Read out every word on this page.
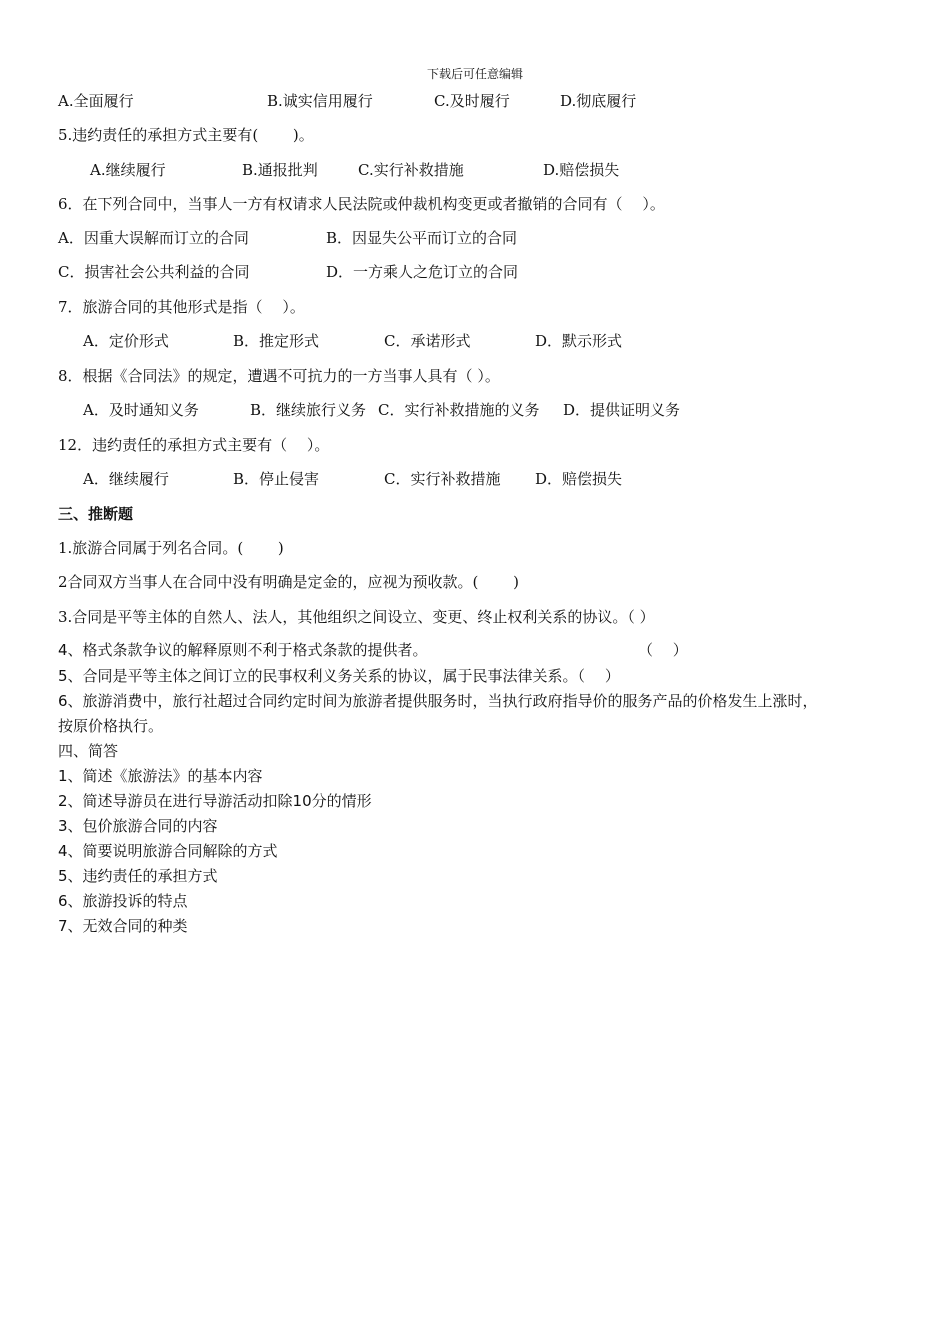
下载后可任意编辑
A.全面履行	B.诚实信用履行	C.及时履行	D.彻底履行
5.违约责任的承担方式主要有(　　 )。
A.继续履行	B.通报批判	C.实行补救措施	D.赔偿损失
6．在下列合同中，当事人一方有权请求人民法院或仲裁机构变更或者撤销的合同有（　 ）。
A．因重大误解而订立的合同	B．因显失公平而订立的合同
C．损害社会公共利益的合同	D．一方乘人之危订立的合同
7．旅游合同的其他形式是指（　 ）。
A．定价形式	B．推定形式	C．承诺形式	D．默示形式
8．根据《合同法》的规定，遭遇不可抗力的一方当事人具有（ ）。
A．及时通知义务	B．继续旅行义务 C．实行补救措施的义务 D．提供证明义务
12．违约责任的承担方式主要有（　 ）。
A．继续履行	B．停止侵害	C．实行补救措施 D．赔偿损失
三、推断题
1.旅游合同属于列名合同。(　　 )
2合同双方当事人在合同中没有明确是定金的，应视为预收款。(　　 )
3.合同是平等主体的自然人、法人，其他组织之间设立、变更、终止权利关系的协议。（ ）
4、格式条款争议的解释原则不利于格式条款的提供者。	（　 ）
5、合同是平等主体之间订立的民事权利义务关系的协议，属于民事法律关系。（　 ）
6、旅游消费中，旅行社超过合同约定时间为旅游者提供服务时，当执行政府指导价的服务产品的价格发生上涨时，
按原价格执行。
四、简答
1、简述《旅游法》的基本内容
2、简述导游员在进行导游活动扣除10分的情形
3、包价旅游合同的内容
4、简要说明旅游合同解除的方式
5、违约责任的承担方式
6、旅游投诉的特点
7、无效合同的种类
